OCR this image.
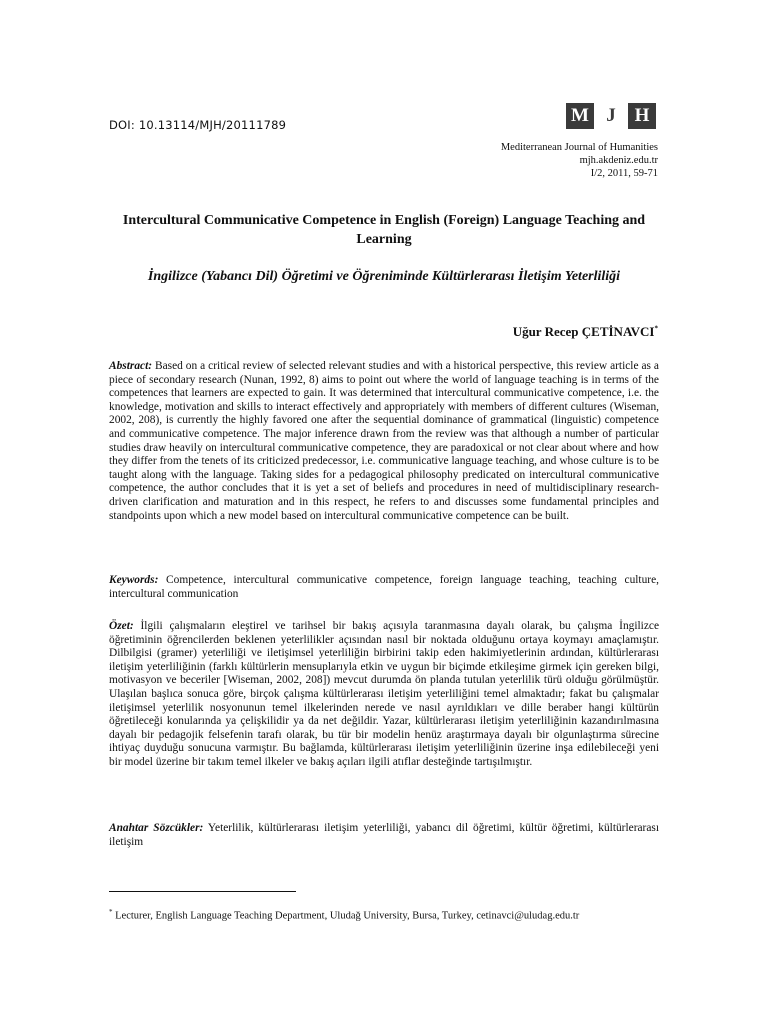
DOI: 10.13114/MJH/20111789	M J H
Mediterranean Journal of Humanities
mjh.akdeniz.edu.tr
I/2, 2011, 59-71
Intercultural Communicative Competence in English (Foreign) Language Teaching and Learning
İngilizce (Yabancı Dil) Öğretimi ve Öğreniminde Kültürlerarası İletişim Yeterliliği
Uğur Recep ÇETİNAVCI*
Abstract: Based on a critical review of selected relevant studies and with a historical perspective, this review article as a piece of secondary research (Nunan, 1992, 8) aims to point out where the world of language teaching is in terms of the competences that learners are expected to gain. It was determined that intercultural communicative competence, i.e. the knowledge, motivation and skills to interact effectively and appropriately with members of different cultures (Wiseman, 2002, 208), is currently the highly favored one after the sequential dominance of grammatical (linguistic) competence and communicative competence. The major inference drawn from the review was that although a number of particular studies draw heavily on intercultural communicative competence, they are paradoxical or not clear about where and how they differ from the tenets of its criticized predecessor, i.e. communicative language teaching, and whose culture is to be taught along with the language. Taking sides for a pedagogical philosophy predicated on intercultural communicative competence, the author concludes that it is yet a set of beliefs and procedures in need of multidisciplinary research-driven clarification and maturation and in this respect, he refers to and discusses some fundamental principles and standpoints upon which a new model based on intercultural communicative competence can be built.
Keywords: Competence, intercultural communicative competence, foreign language teaching, teaching culture, intercultural communication
Özet: İlgili çalışmaların eleştirel ve tarihsel bir bakış açısıyla taranmasına dayalı olarak, bu çalışma İngilizce öğretiminin öğrencilerden beklenen yeterlilikler açısından nasıl bir noktada olduğunu ortaya koymayı amaçlamıştır. Dilbilgisi (gramer) yeterliliği ve iletişimsel yeterliliğin birbirini takip eden hakimiyetlerinin ardından, kültürlerarası iletişim yeterliliğinin (farklı kültürlerin mensuplarıyla etkin ve uygun bir biçimde etkileşime girmek için gereken bilgi, motivasyon ve beceriler [Wiseman, 2002, 208]) mevcut durumda ön planda tutulan yeterlilik türü olduğu görülmüştür. Ulaşılan başlıca sonuca göre, birçok çalışma kültürlerarası iletişim yeterliliğini temel almaktadır; fakat bu çalışmalar iletişimsel yeterlilik nosyonunun temel ilkelerinden nerede ve nasıl ayrıldıkları ve dille beraber hangi kültürün öğretileceği konularında ya çelişkilidir ya da net değildir. Yazar, kültürlerarası iletişim yeterliliğinin kazandırılmasına dayalı bir pedagojik felsefenin tarafı olarak, bu tür bir modelin henüz araştırmaya dayalı bir olgunlaştırma sürecine ihtiyaç duyduğu sonucuna varmıştır. Bu bağlamda, kültürlerarası iletişim yeterliliğinin üzerine inşa edilebileceği yeni bir model üzerine bir takım temel ilkeler ve bakış açıları ilgili atıflar desteğinde tartışılmıştır.
Anahtar Sözcükler: Yeterlilik, kültürlerarası iletişim yeterliliği, yabancı dil öğretimi, kültür öğretimi, kültürlerarası iletişim
* Lecturer, English Language Teaching Department, Uludağ University, Bursa, Turkey, cetinavci@uludag.edu.tr
